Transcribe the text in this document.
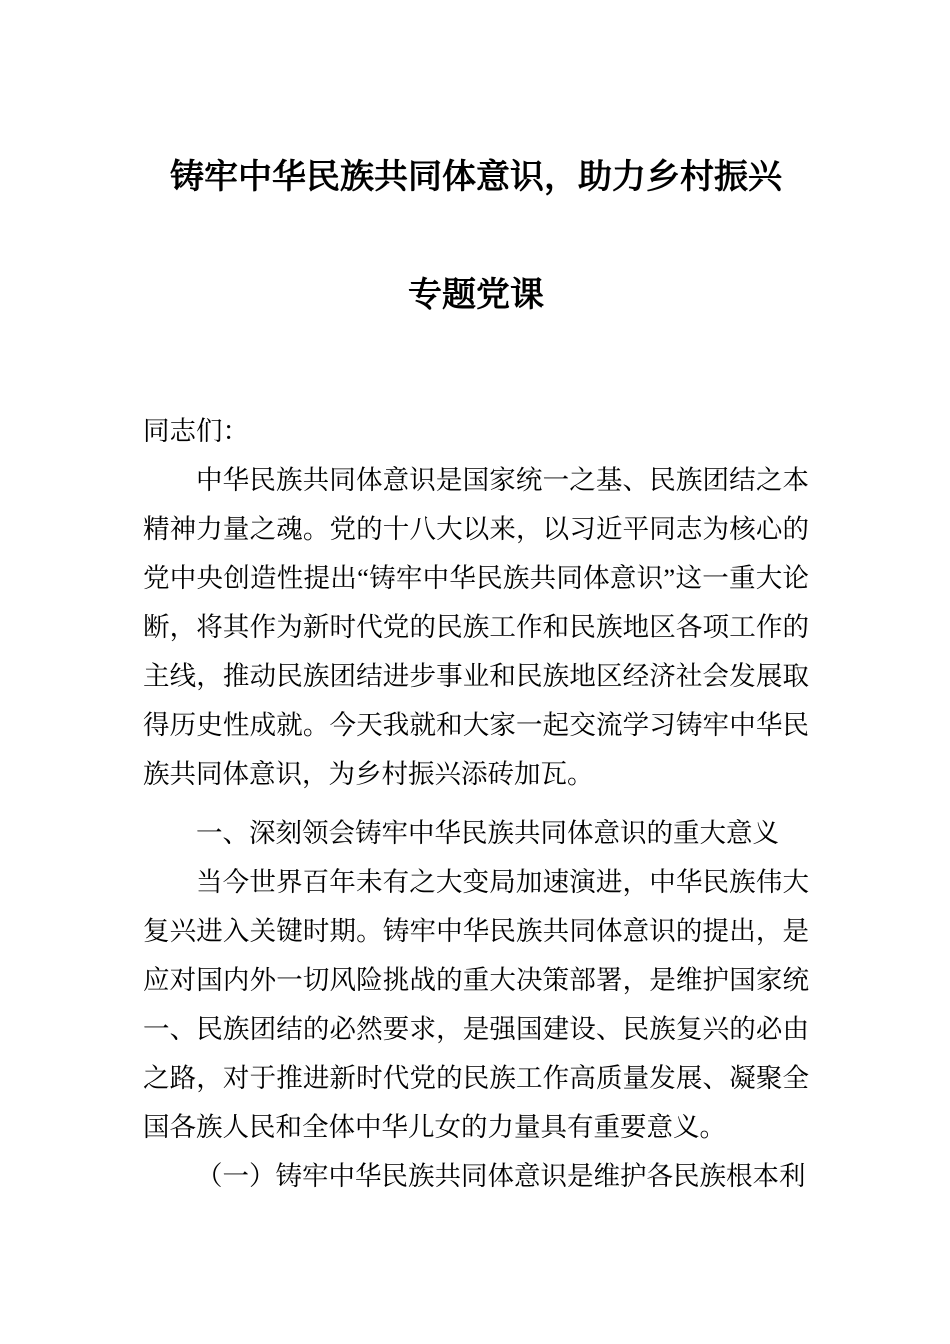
铸牢中华民族共同体意识，助力乡村振兴
专题党课

同志们：

中华民族共同体意识是国家统一之基、民族团结之本精神力量之魂。党的十八大以来，以习近平同志为核心的党中央创造性提出“铸牢中华民族共同体意识”这一重大论断，将其作为新时代党的民族工作和民族地区各项工作的主线，推动民族团结进步事业和民族地区经济社会发展取得历史性成就。今天我就和大家一起交流学习铸牢中华民族共同体意识，为乡村振兴添砖加瓦。

一、深刻领会铸牢中华民族共同体意识的重大意义

当今世界百年未有之大变局加速演进，中华民族伟大复兴进入关键时期。铸牢中华民族共同体意识的提出，是应对国内外一切风险挑战的重大决策部署，是维护国家统一、民族团结的必然要求，是强国建设、民族复兴的必由之路，对于推进新时代党的民族工作高质量发展、凝聚全国各族人民和全体中华儿女的力量具有重要意义。

（一）铸牢中华民族共同体意识是维护各民族根本利
